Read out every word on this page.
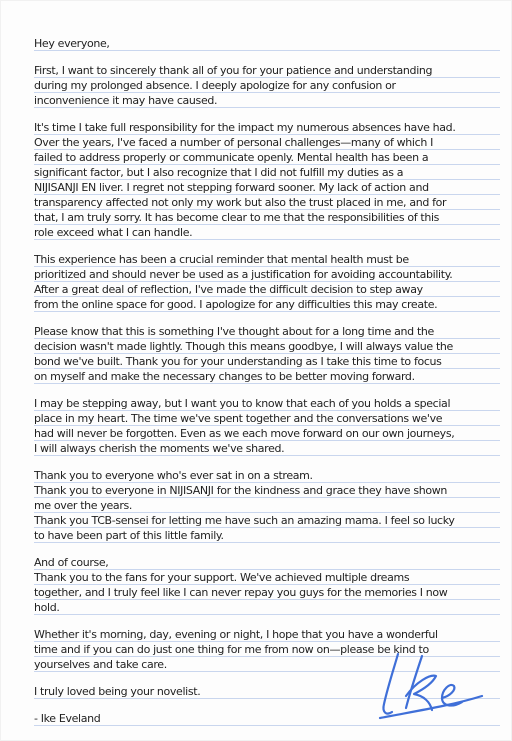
Hey everyone,
First, I want to sincerely thank all of you for your patience and understanding
during my prolonged absence. I deeply apologize for any confusion or
inconvenience it may have caused.
It's time I take full responsibility for the impact my numerous absences have had.
Over the years, I've faced a number of personal challenges—many of which I
failed to address properly or communicate openly. Mental health has been a
significant factor, but I also recognize that I did not fulfill my duties as a
NIJISANJI EN liver. I regret not stepping forward sooner. My lack of action and
transparency affected not only my work but also the trust placed in me, and for
that, I am truly sorry. It has become clear to me that the responsibilities of this
role exceed what I can handle.
This experience has been a crucial reminder that mental health must be
prioritized and should never be used as a justification for avoiding accountability.
After a great deal of reflection, I've made the difficult decision to step away
from the online space for good. I apologize for any difficulties this may create.
Please know that this is something I've thought about for a long time and the
decision wasn't made lightly. Though this means goodbye, I will always value the
bond we've built. Thank you for your understanding as I take this time to focus
on myself and make the necessary changes to be better moving forward.
I may be stepping away, but I want you to know that each of you holds a special
place in my heart. The time we've spent together and the conversations we've
had will never be forgotten. Even as we each move forward on our own journeys,
I will always cherish the moments we've shared.
Thank you to everyone who's ever sat in on a stream.
Thank you to everyone in NIJISANJI for the kindness and grace they have shown
me over the years.
Thank you TCB-sensei for letting me have such an amazing mama. I feel so lucky
to have been part of this little family.
And of course,
Thank you to the fans for your support. We've achieved multiple dreams
together, and I truly feel like I can never repay you guys for the memories I now
hold.
Whether it's morning, day, evening or night, I hope that you have a wonderful
time and if you can do just one thing for me from now on—please be kind to
yourselves and take care.
I truly loved being your novelist.
- Ike Eveland
